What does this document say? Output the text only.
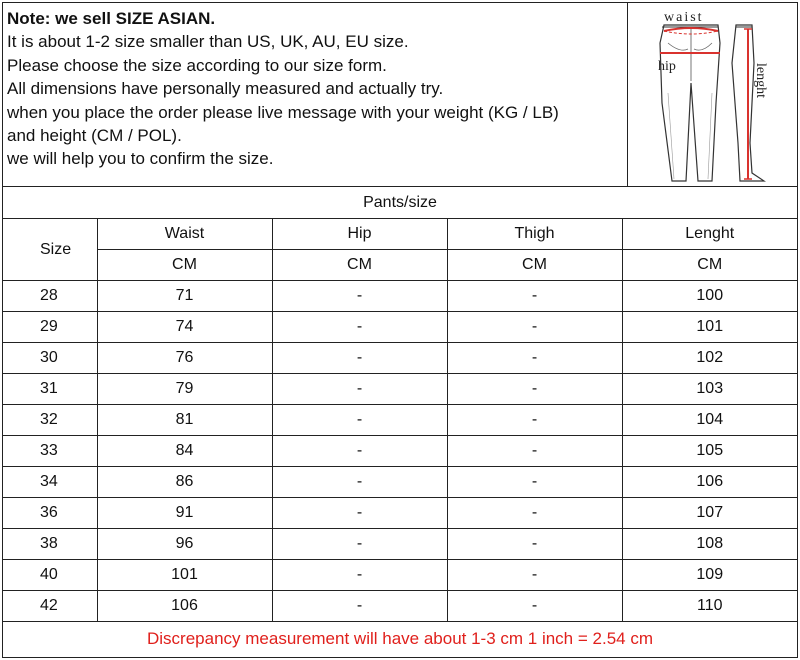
Note: we sell SIZE ASIAN.
It is about 1-2 size smaller than US, UK, AU, EU size.
Please choose the size according to our size form.
All dimensions have personally measured and actually try.
when you place the order please live message with your weight (KG / LB)
and height (CM / POL).
we will help you to confirm the size.
waist
hip	lenght
Pants/size
Size	Waist	Hip	Thigh	Lenght
	CM	CM	CM	CM
28	71	-	-	100
29	74	-	-	101
30	76	-	-	102
31	79	-	-	103
32	81	-	-	104
33	84	-	-	105
34	86	-	-	106
36	91	-	-	107
38	96	-	-	108
40	101	-	-	109
42	106	-	-	110
Discrepancy measurement will have about 1-3 cm 1 inch = 2.54 cm
